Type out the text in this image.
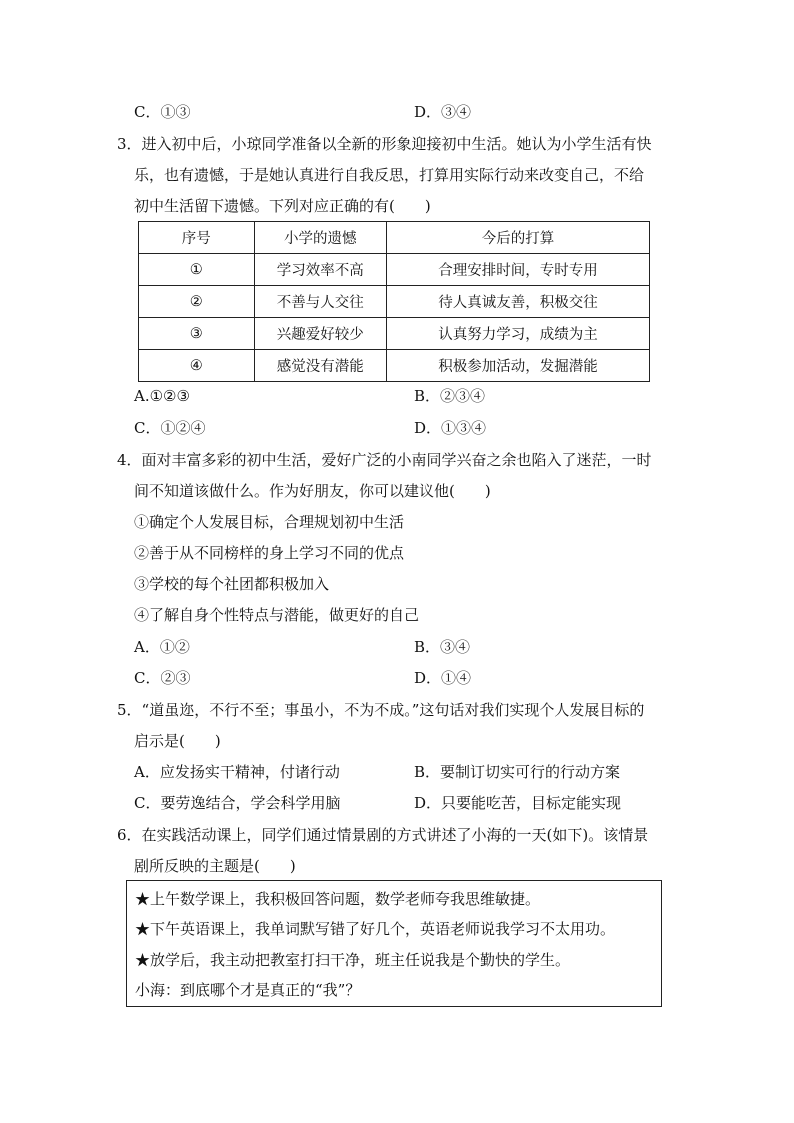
C．①③	D．③④
3．进入初中后，小琼同学准备以全新的形象迎接初中生活。她认为小学生活有快
乐，也有遗憾，于是她认真进行自我反思，打算用实际行动来改变自己，不给
初中生活留下遗憾。下列对应正确的有(　　)
序号	小学的遗憾	今后的打算
①	学习效率不高	合理安排时间，专时专用
②	不善与人交往	待人真诚友善，积极交往
③	兴趣爱好较少	认真努力学习，成绩为主
④	感觉没有潜能	积极参加活动，发掘潜能
A.①②③	B．②③④
C．①②④	D．①③④
4．面对丰富多彩的初中生活，爱好广泛的小南同学兴奋之余也陷入了迷茫，一时
间不知道该做什么。作为好朋友，你可以建议他(　　)
①确定个人发展目标，合理规划初中生活
②善于从不同榜样的身上学习不同的优点
③学校的每个社团都积极加入
④了解自身个性特点与潜能，做更好的自己
A．①②	B．③④
C．②③	D．①④
5．“道虽迩，不行不至；事虽小，不为不成。”这句话对我们实现个人发展目标的
启示是(　　)
A．应发扬实干精神，付诸行动	B．要制订切实可行的行动方案
C．要劳逸结合，学会科学用脑	D．只要能吃苦，目标定能实现
6．在实践活动课上，同学们通过情景剧的方式讲述了小海的一天(如下)。该情景
剧所反映的主题是(　　)
★上午数学课上，我积极回答问题，数学老师夸我思维敏捷。
★下午英语课上，我单词默写错了好几个，英语老师说我学习不太用功。
★放学后，我主动把教室打扫干净，班主任说我是个勤快的学生。
小海：到底哪个才是真正的“我”？
